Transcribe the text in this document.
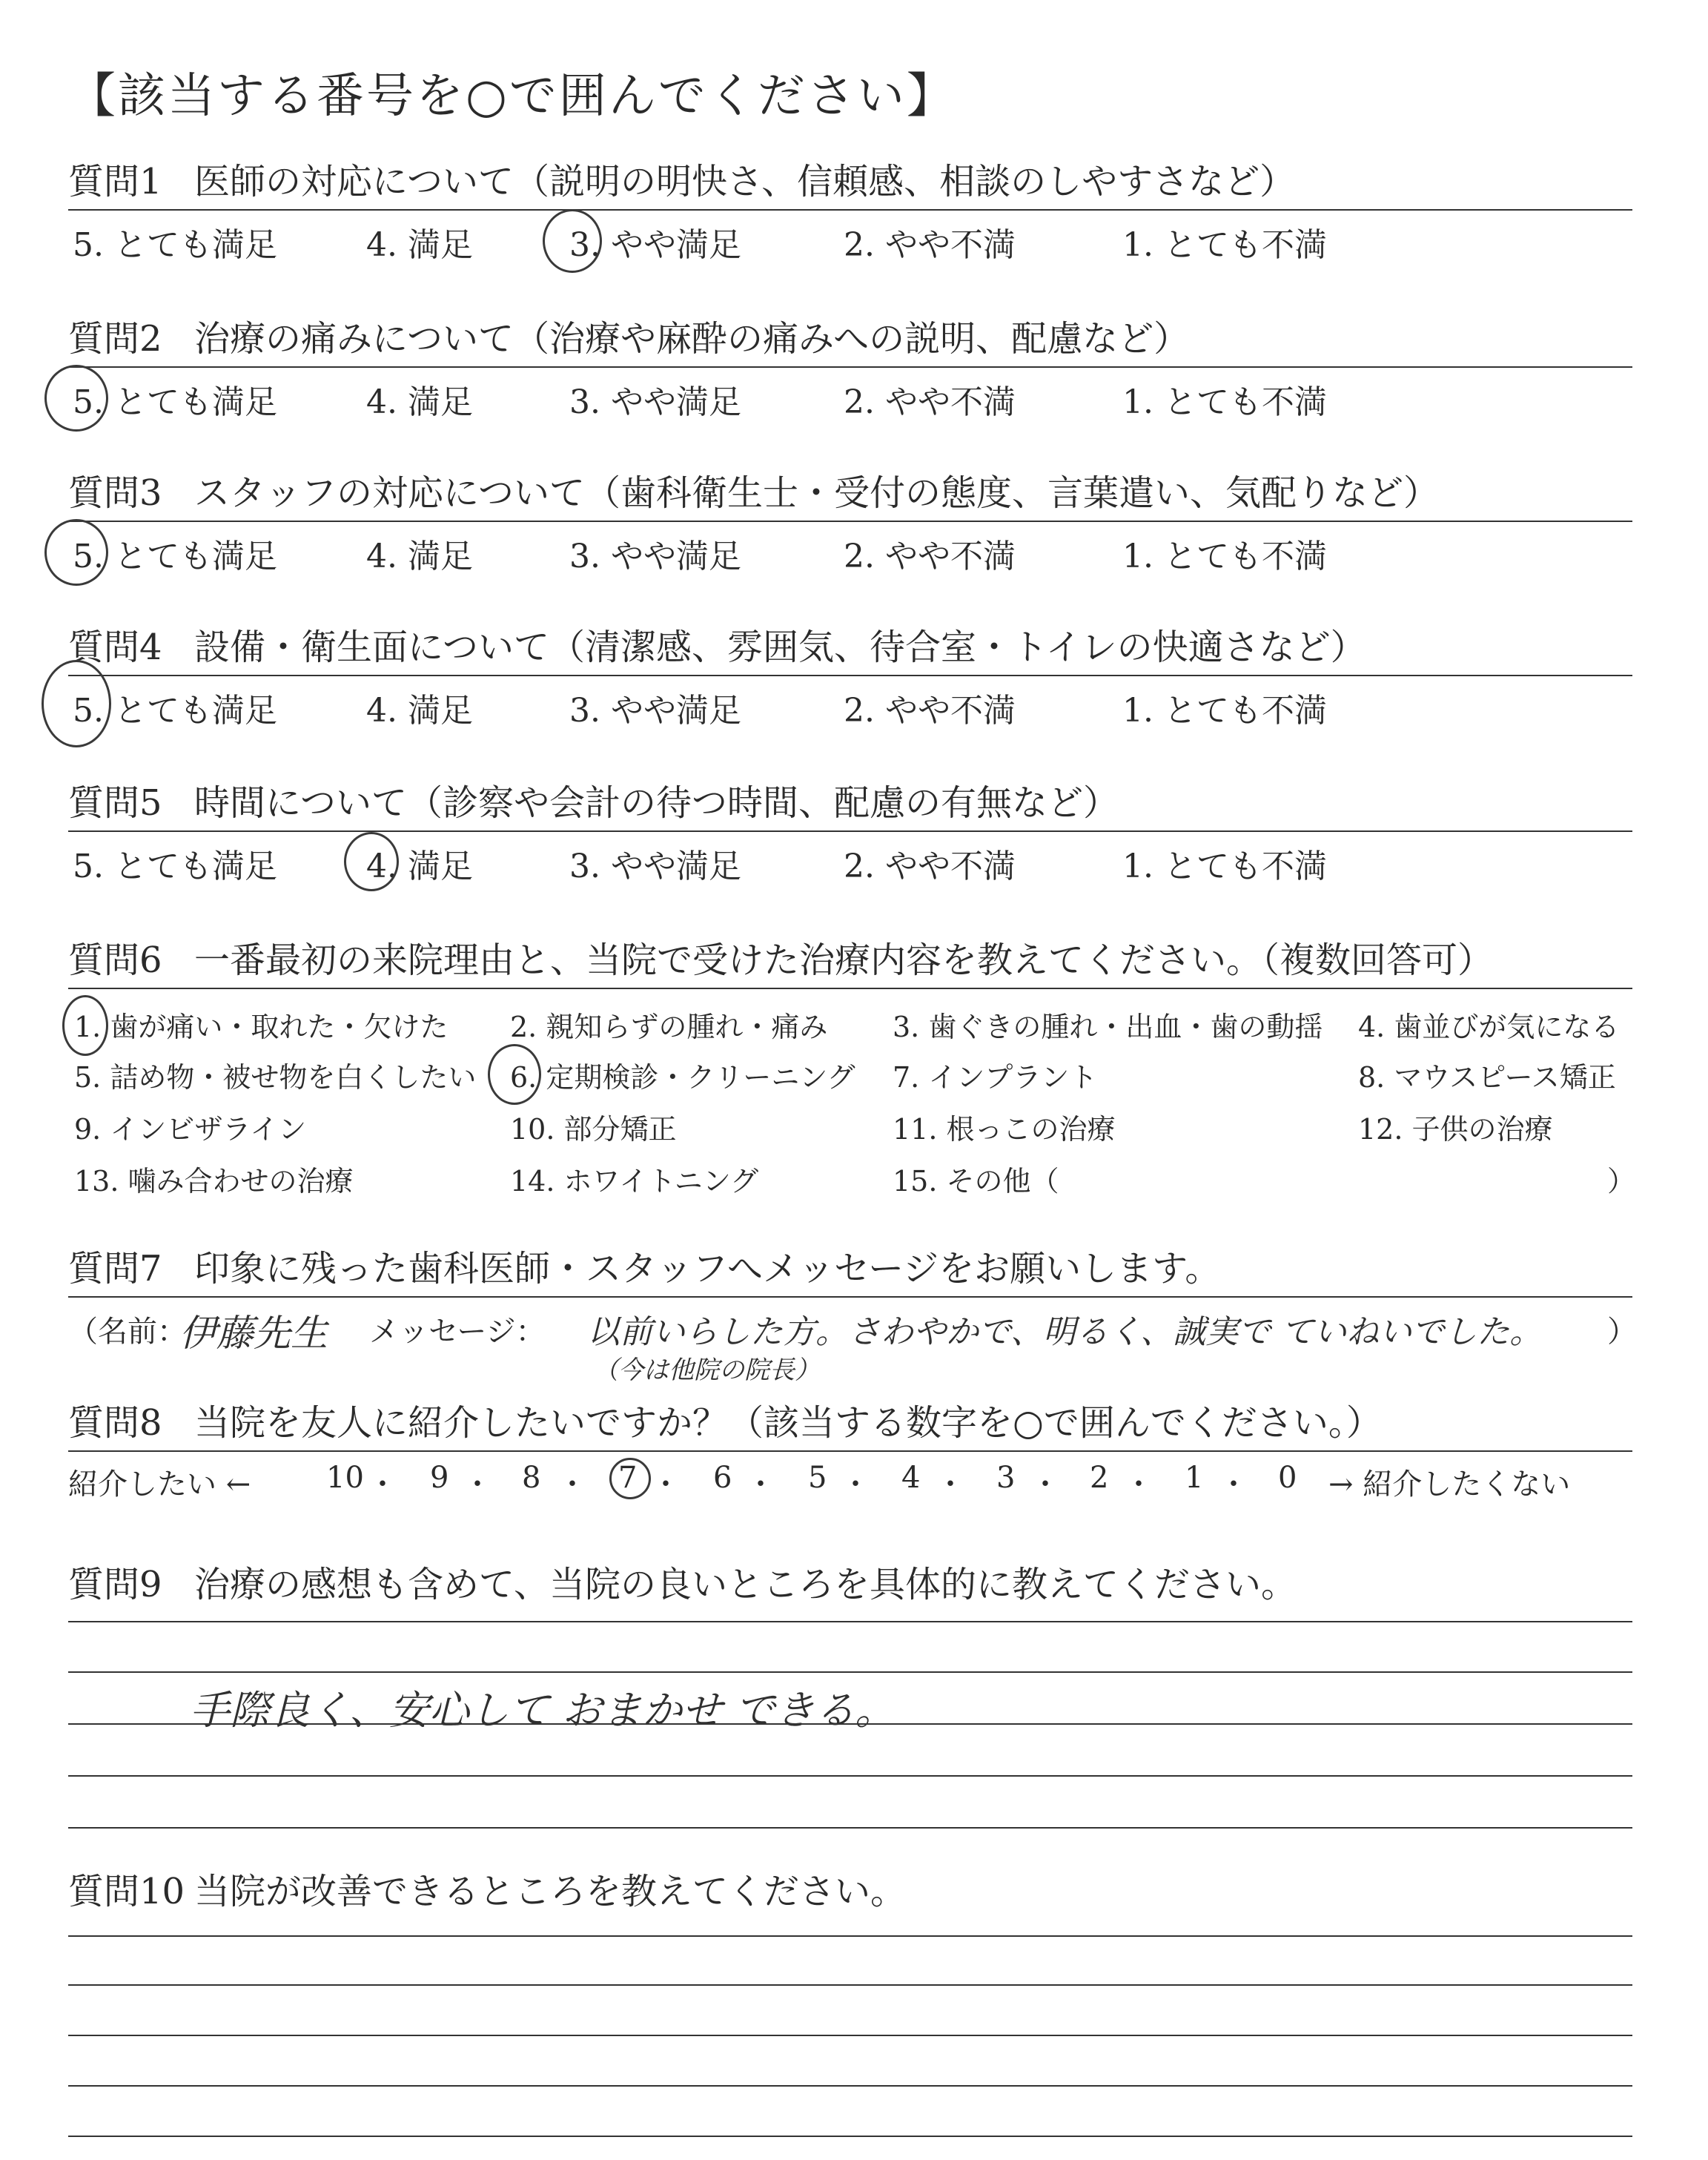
【該当する番号を○で囲んでください】
質問1 医師の対応について（説明の明快さ、信頼感、相談のしやすさなど）
5. とても満足	4. 満足	3. やや満足	2. やや不満	1. とても不満
質問2 治療の痛みについて（治療や麻酔の痛みへの説明、配慮など）
5. とても満足	4. 満足	3. やや満足	2. やや不満	1. とても不満
質問3 スタッフの対応について（歯科衛生士・受付の態度、言葉遣い、気配りなど）
5. とても満足	4. 満足	3. やや満足	2. やや不満	1. とても不満
質問4 設備・衛生面について（清潔感、雰囲気、待合室・トイレの快適さなど）
5. とても満足	4. 満足	3. やや満足	2. やや不満	1. とても不満
質問5 時間について（診察や会計の待つ時間、配慮の有無など）
5. とても満足	4. 満足	3. やや満足	2. やや不満	1. とても不満
質問6 一番最初の来院理由と、当院で受けた治療内容を教えてください。（複数回答可）
1. 歯が痛い・取れた・欠けた 2. 親知らずの腫れ・痛み 3. 歯ぐきの腫れ・出血・歯の動揺 4. 歯並びが気になる
5. 詰め物・被せ物を白くしたい 6. 定期検診・クリーニング 7. インプラント	8. マウスピース矯正
9. インビザライン	10. 部分矯正	11. 根っこの治療	12. 子供の治療
13. 噛み合わせの治療	14. ホワイトニング	15. その他（	）
質問7 印象に残った歯科医師・スタッフへメッセージをお願いします。
（名前：
伊藤先生 メッセージ： 以前いらした方。さわやかで、明るく、誠実で ていねいでした。
（今は他院の院長）
）
質問8 当院を友人に紹介したいですか？（該当する数字を○で囲んでください。）
紹介したい ←	10 ・ 9 ・ 8 ・ 7 ・ 6 ・ 5 ・ 4 ・ 3 ・ 2 ・ 1 ・ 0 → 紹介したくない
質問9 治療の感想も含めて、当院の良いところを具体的に教えてください。
手際良く、安心して おまかせ できる。
質問10 当院が改善できるところを教えてください。
